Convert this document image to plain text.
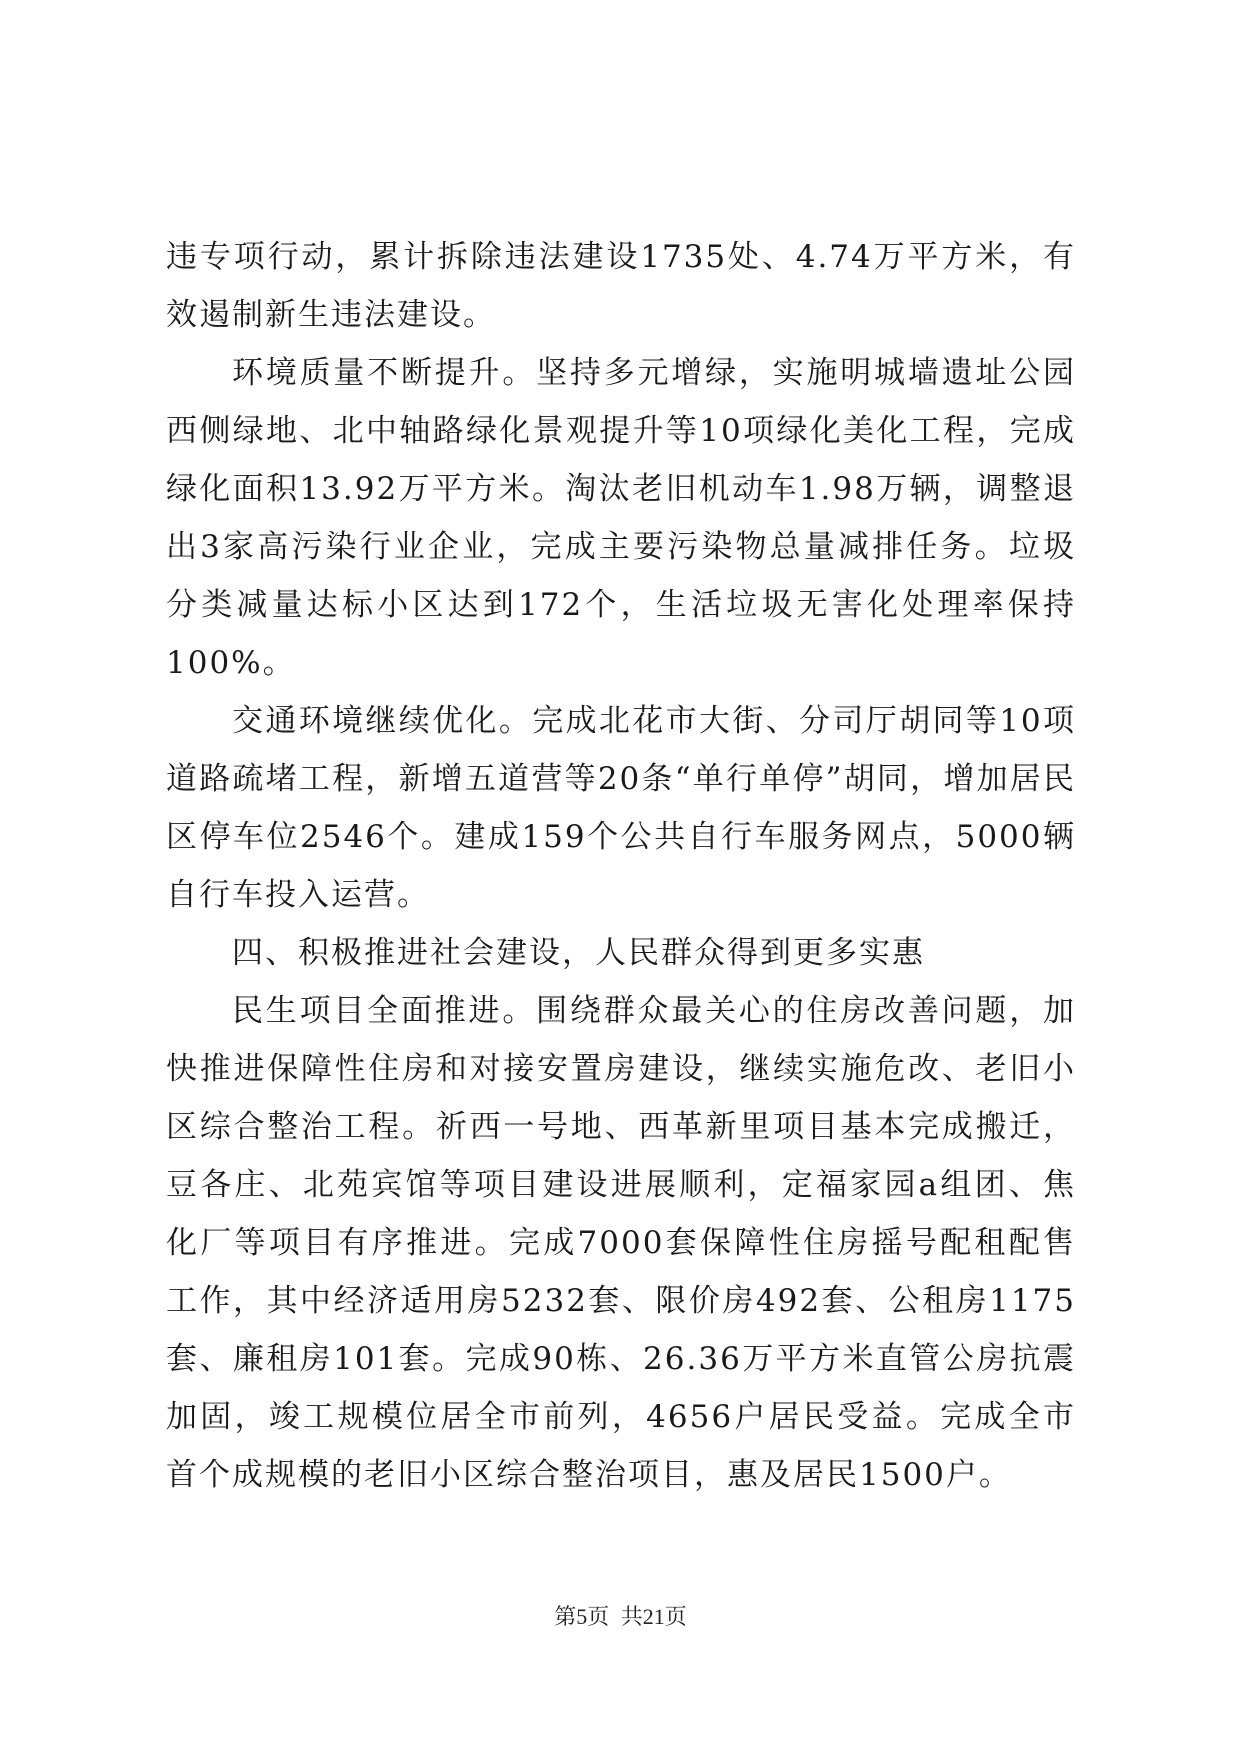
违专项行动，累计拆除违法建设1735处、4.74万平方米，有效遏制新生违法建设。

环境质量不断提升。坚持多元增绿，实施明城墙遗址公园西侧绿地、北中轴路绿化景观提升等10项绿化美化工程，完成绿化面积13.92万平方米。淘汰老旧机动车1.98万辆，调整退出3家高污染行业企业，完成主要污染物总量减排任务。垃圾分类减量达标小区达到172个，生活垃圾无害化处理率保持100%。

交通环境继续优化。完成北花市大街、分司厅胡同等10项道路疏堵工程，新增五道营等20条“单行单停”胡同，增加居民区停车位2546个。建成159个公共自行车服务网点，5000辆自行车投入运营。

四、积极推进社会建设，人民群众得到更多实惠

民生项目全面推进。围绕群众最关心的住房改善问题，加快推进保障性住房和对接安置房建设，继续实施危改、老旧小区综合整治工程。祈西一号地、西革新里项目基本完成搬迁，豆各庄、北苑宾馆等项目建设进展顺利，定福家园a组团、焦化厂等项目有序推进。完成7000套保障性住房摇号配租配售工作，其中经济适用房5232套、限价房492套、公租房1175套、廉租房101套。完成90栋、26.36万平方米直管公房抗震加固，竣工规模位居全市前列，4656户居民受益。完成全市首个成规模的老旧小区综合整治项目，惠及居民1500户。

第5页 共21页
